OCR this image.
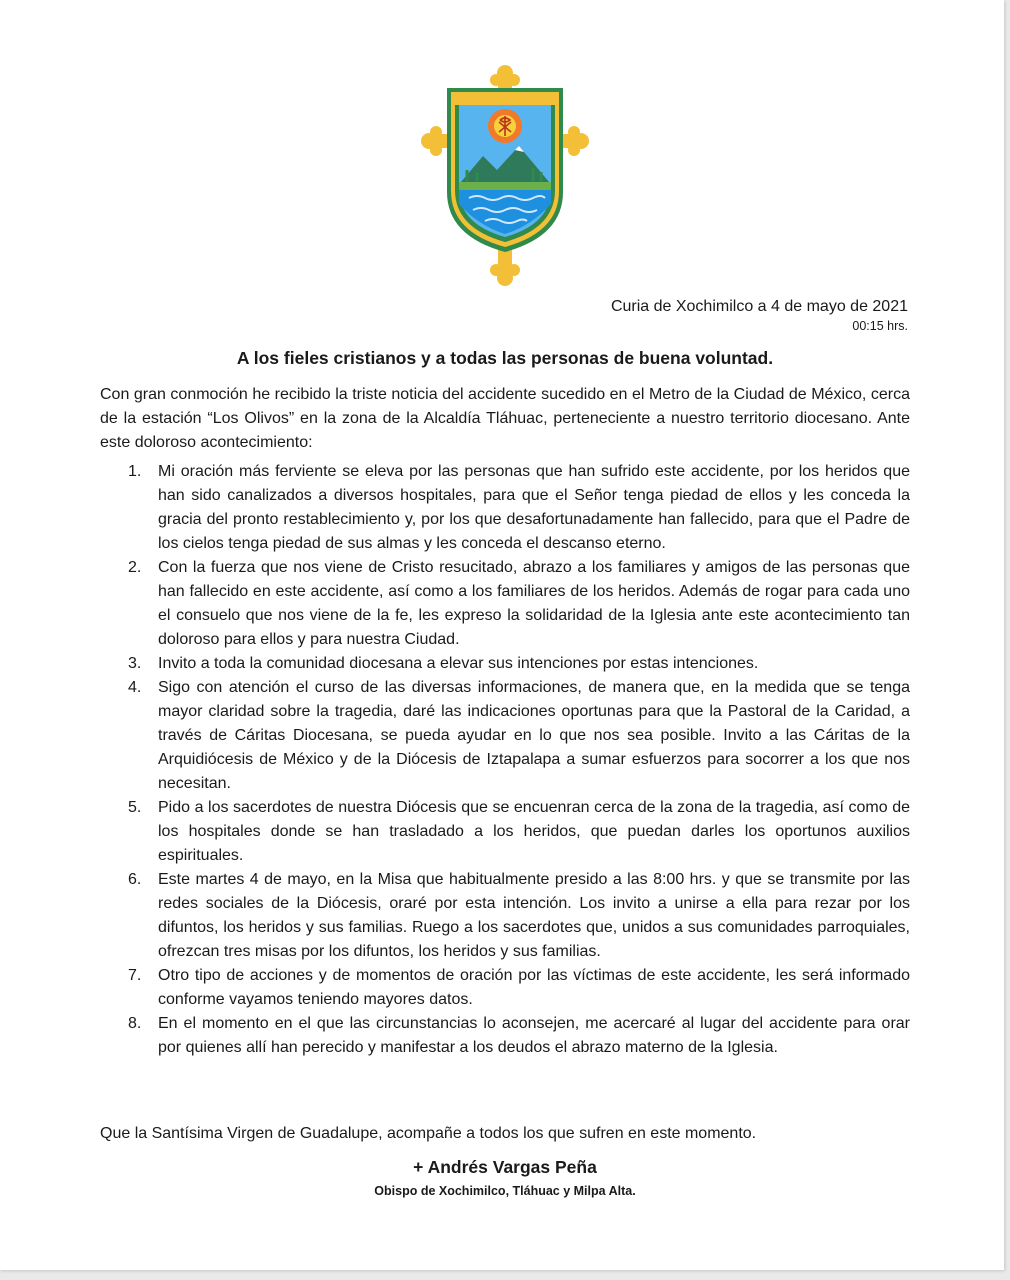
Curia de Xochimilco a 4 de mayo de 2021
00:15 hrs.
A los fieles cristianos y a todas las personas de buena voluntad.

Con gran conmoción he recibido la triste noticia del accidente sucedido en el Metro de la Ciudad de México, cerca de la estación “Los Olivos” en la zona de la Alcaldía Tláhuac, perteneciente a nuestro territorio diocesano. Ante este doloroso acontecimiento:

1.	Mi oración más ferviente se eleva por las personas que han sufrido este accidente, por los heridos que han sido canalizados a diversos hospitales, para que el Señor tenga piedad de ellos y les conceda la gracia del pronto restablecimiento y, por los que desafortunadamente han fallecido, para que el Padre de los cielos tenga piedad de sus almas y les conceda el descanso eterno.
2.	Con la fuerza que nos viene de Cristo resucitado, abrazo a los familiares y amigos de las personas que han fallecido en este accidente, así como a los familiares de los heridos. Además de rogar para cada uno el consuelo que nos viene de la fe, les expreso la solidaridad de la Iglesia ante este acontecimiento tan doloroso para ellos y para nuestra Ciudad.
3.	Invito a toda la comunidad diocesana a elevar sus intenciones por estas intenciones.
4.	Sigo con atención el curso de las diversas informaciones, de manera que, en la medida que se tenga mayor claridad sobre la tragedia, daré las indicaciones oportunas para que la Pastoral de la Caridad, a través de Cáritas Diocesana, se pueda ayudar en lo que nos sea posible. Invito a las Cáritas de la Arquidiócesis de México y de la Diócesis de Iztapalapa a sumar esfuerzos para socorrer a los que nos necesitan.
5.	Pido a los sacerdotes de nuestra Diócesis que se encuenran cerca de la zona de la tragedia, así como de los hospitales donde se han trasladado a los heridos, que puedan darles los oportunos auxilios espirituales.
6.	Este martes 4 de mayo, en la Misa que habitualmente presido a las 8:00 hrs. y que se transmite por las redes sociales de la Diócesis, oraré por esta intención. Los invito a unirse a ella para rezar por los difuntos, los heridos y sus familias. Ruego a los sacerdotes que, unidos a sus comunidades parroquiales, ofrezcan tres misas por los difuntos, los heridos y sus familias.
7.	Otro tipo de acciones y de momentos de oración por las víctimas de este accidente, les será informado conforme vayamos teniendo mayores datos.
8.	En el momento en el que las circunstancias lo aconsejen, me acercaré al lugar del accidente para orar por quienes allí han perecido y manifestar a los deudos el abrazo materno de la Iglesia.
Que la Santísima Virgen de Guadalupe, acompañe a todos los que sufren en este momento.
+ Andrés Vargas Peña
Obispo de Xochimilco, Tláhuac y Milpa Alta.
